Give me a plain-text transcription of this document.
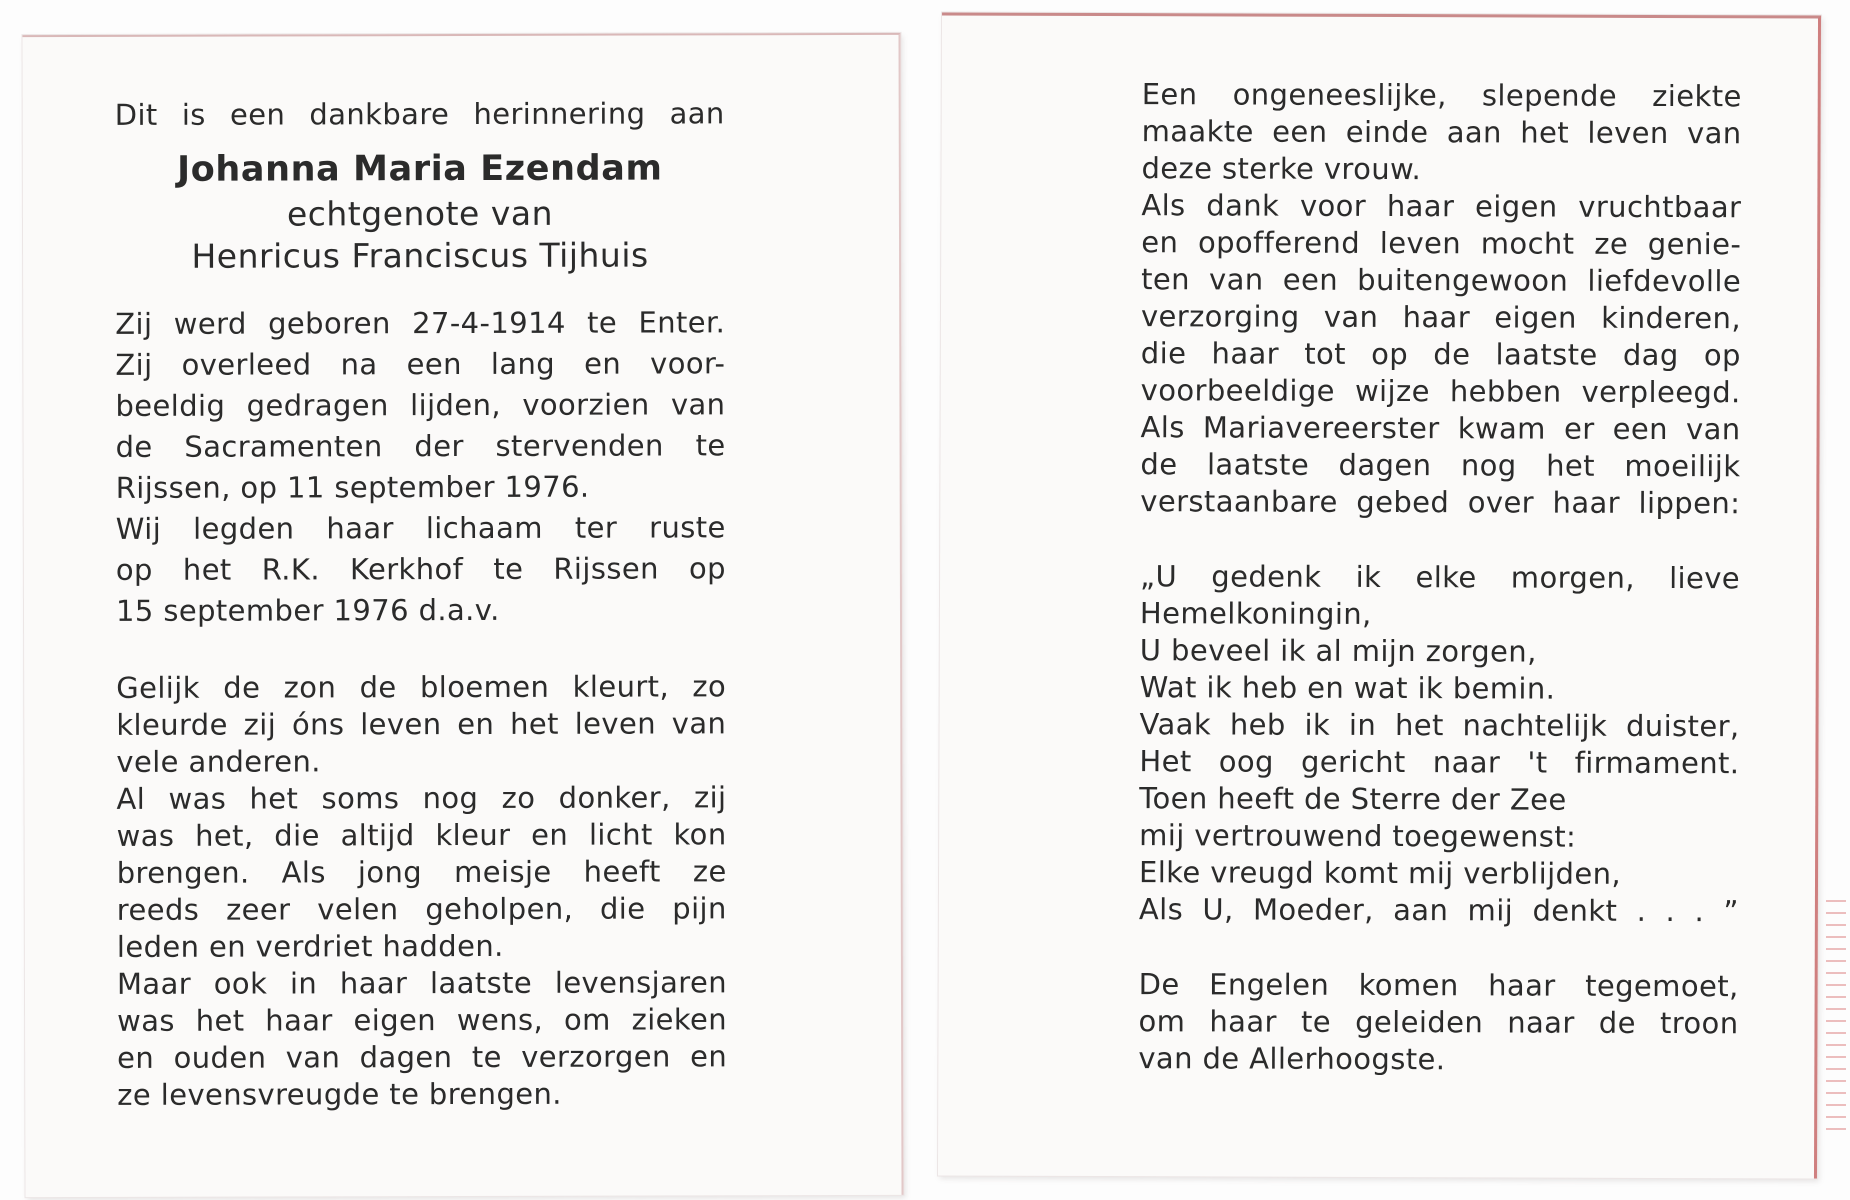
Dit is een dankbare herinnering aan
Johanna Maria Ezendam
echtgenote van
Henricus Franciscus Tijhuis
Zij werd geboren 27-4-1914 te Enter.
Zij overleed na een lang en voor-
beeldig gedragen lijden, voorzien van
de Sacramenten der stervenden te
Rijssen, op 11 september 1976.
Wij legden haar lichaam ter ruste
op het R.K. Kerkhof te Rijssen op
15 september 1976 d.a.v.
Gelijk de zon de bloemen kleurt, zo
kleurde zij óns leven en het leven van
vele anderen.
Al was het soms nog zo donker, zij
was het, die altijd kleur en licht kon
brengen. Als jong meisje heeft ze
reeds zeer velen geholpen, die pijn
leden en verdriet hadden.
Maar ook in haar laatste levensjaren
was het haar eigen wens, om zieken
en ouden van dagen te verzorgen en
ze levensvreugde te brengen.
Een ongeneeslijke, slepende ziekte
maakte een einde aan het leven van
deze sterke vrouw.
Als dank voor haar eigen vruchtbaar
en opofferend leven mocht ze genie-
ten van een buitengewoon liefdevolle
verzorging van haar eigen kinderen,
die haar tot op de laatste dag op
voorbeeldige wijze hebben verpleegd.
Als Mariavereerster kwam er een van
de laatste dagen nog het moeilijk
verstaanbare gebed over haar lippen:
„U gedenk ik elke morgen, lieve
Hemelkoningin,
U beveel ik al mijn zorgen,
Wat ik heb en wat ik bemin.
Vaak heb ik in het nachtelijk duister,
Het oog gericht naar 't firmament.
Toen heeft de Sterre der Zee
mij vertrouwend toegewenst:
Elke vreugd komt mij verblijden,
Als U, Moeder, aan mij denkt . . . ”
De Engelen komen haar tegemoet,
om haar te geleiden naar de troon
van de Allerhoogste.
